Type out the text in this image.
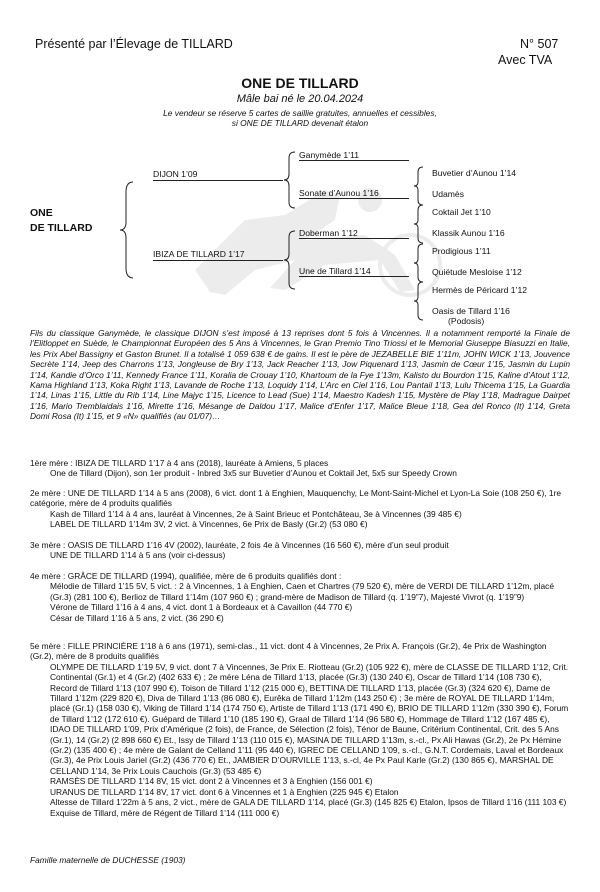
Présenté par l’Élevage de TILLARD	N° 507
Avec TVA
ONE DE TILLARD
Mâle bai né le 20.04.2024
Le vendeur se réserve 5 cartes de saillie gratuites, annuelles et cessibles,
si ONE DE TILLARD devenait étalon
ONE
DE TILLARD
DIJON 1’09
IBIZA DE TILLARD 1’17
Ganymède 1’11
Sonate d’Aunou 1’16
Doberman 1’12
Une de Tillard 1’14
Buvetier d’Aunou 1’14
Udamès
Coktail Jet 1’10
Klassik Aunou 1’16
Prodigious 1’11
Quiétude Mesloise 1’12
Hermès de Péricard 1’12
Oasis de Tillard 1’16
(Podosis)
Fils du classique Ganymède, le classique DIJON s’est imposé à 13 reprises dont 5 fois à Vincennes. Il a notamment remporté la Finale de l’Elitloppet en Suède, le Championnat Européen des 5 Ans à Vincennes, le Gran Premio Tino Triossi et le Memorial Giuseppe Biasuzzi en Italie, les Prix Abel Bassigny et Gaston Brunet. Il a totalisé 1 059 638 € de gains. Il est le père de JEZABELLE BIE 1’11m, JOHN WICK 1’13, Jouvence Secrète 1’14, Jeep des Charrons 1’13, Jongleuse de Bry 1’13, Jack Reacher 1’13, Jow Piquenard 1’13, Jasmin de Cœur 1’15, Jasmin du Lupin 1’14, Kandie d’Orco 1’11, Kennedy France 1’11, Koralia de Crouay 1’10, Khartoum de la Fye 1’13m, Kalisto du Bourdon 1’15, Kaline d’Atout 1’12, Kama Highland 1’13, Koka Right 1’13, Lavande de Roche 1’13, Loquidy 1’14, L’Arc en Ciel 1’16, Lou Pantail 1’13, Lulu Thicema 1’15, La Guardia 1’14, Linas 1’15, Little du Rib 1’14, Line Majyc 1’15, Licence to Lead (Sue) 1’14, Maestro Kadesh 1’15, Mystère de Play 1’18, Madrague Dairpet 1’16, Mario Tremblaidais 1’16, Mirette 1’16, Mésange de Daldou 1’17, Malice d’Enfer 1’17, Malice Bleue 1’18, Gea del Ronco (It) 1’14, Greta Domi Rosa (It) 1’15, et 9 «N» qualifiés (au 01/07)…
1ère mère : IBIZA DE TILLARD 1’17 à 4 ans (2018), lauréate à Amiens, 5 places
One de Tillard (Dijon), son 1er produit - Inbred 3x5 sur Buvetier d’Aunou et Coktail Jet, 5x5 sur Speedy Crown
2e mère : UNE DE TILLARD 1’14 à 5 ans (2008), 6 vict. dont 1 à Enghien, Mauquenchy, Le Mont-Saint-Michel et Lyon-La Soie (108 250 €), 1re catégorie, mère de 4 produits qualifiés
Kash de Tillard 1’14 à 4 ans, lauréat à Vincennes, 2e à Saint Brieuc et Pontchâteau, 3e à Vincennes (39 485 €)
LABEL DE TILLARD 1’14m 3V, 2 vict. à Vincennes, 6e Prix de Basly (Gr.2) (53 080 €)
3e mère : OASIS DE TILLARD 1’16 4V (2002), lauréate, 2 fois 4e à Vincennes (16 560 €), mère d’un seul produit
UNE DE TILLARD 1’14 à 5 ans (voir ci-dessus)
4e mère : GRÂCE DE TILLARD (1994), qualifiée, mère de 6 produits qualifiés dont :
Mélodie de Tillard 1’15 5V, 5 vict. : 2 à Vincennes, 1 à Enghien, Caen et Chartres (79 520 €), mère de VERDI DE TILLARD 1’12m, placé (Gr.3) (281 100 €), Berlioz de Tillard 1’14m (107 960 €) ; grand-mère de Madison de Tillard (q. 1’19”7), Majesté Vivrot (q. 1’19”9)
Vérone de Tillard 1’16 à 4 ans, 4 vict. dont 1 à Bordeaux et à Cavaillon (44 770 €)
César de Tillard 1’16 à 5 ans, 2 vict. (36 290 €)
5e mère : FILLE PRINCIÈRE 1’18 à 6 ans (1971), semi-clas., 11 vict. dont 4 à Vincennes, 2e Prix A. François (Gr.2), 4e Prix de Washington (Gr.2), mère de 8 produits qualifiés
OLYMPE DE TILLARD 1’19 5V, 9 vict. dont 7 à Vincennes, 3e Prix E. Riotteau (Gr.2) (105 922 €), mère de CLASSE DE TILLARD 1’12, Crit. Continental (Gr.1) et 4 (Gr.2) (402 633 €) ; 2e mère Léna de Tillard 1’13, placée (Gr.3) (130 240 €), Oscar de Tillard 1’14 (108 730 €), Record de Tillard 1’13 (107 990 €), Toison de Tillard 1’12 (215 000 €), BETTINA DE TILLARD 1’13, placée (Gr.3) (324 620 €), Dame de Tillard 1’12m (229 820 €), Diva de Tillard 1’13 (86 080 €), Eurêka de Tillard 1’12m (143 250 €) ; 3e mère de ROYAL DE TILLARD 1’14m, placé (Gr.1) (158 030 €), Viking de Tillard 1’14 (174 750 €), Artiste de Tillard 1’13 (171 490 €), BRIO DE TILLARD 1’12m (330 390 €), Forum de Tillard 1’12 (172 610 €). Guépard de Tillard 1’10 (185 190 €), Graal de Tillard 1’14 (96 580 €), Hommage de Tillard 1’12 (167 485 €), IDAO DE TILLARD 1’09, Prix d’Amérique (2 fois), de France, de Sélection (2 fois), Ténor de Baune, Critérium Continental, Crit. des 5 Ans (Gr.1), 14 (Gr.2) (2 898 660 €) Et., Issy de Tillard 1’13 (110 015 €), MASINA DE TILLARD 1’13m, s.-cl., Px Ali Hawas (Gr.2), 2e Px Hémine (Gr.2) (135 400 €) ; 4e mère de Galant de Celland 1’11 (95 440 €), IGREC DE CELLAND 1’09, s.-cl., G.N.T. Cordemais, Laval et Bordeaux (Gr.3), 4e Prix Louis Jariel (Gr.2) (436 770 €) Et., JAMBIER D’OURVILLE 1’13, s.-cl, 4e Px Paul Karle (Gr.2) (130 865 €), MARSHAL DE CELLAND 1’14, 3e Prix Louis Cauchois (Gr.3) (53 485 €)
RAMSÈS DE TILLARD 1’14 8V, 15 vict. dont 2 à Vincennes et 3 à Enghien (156 001 €)
URANUS DE TILLARD 1’14 8V, 17 vict. dont 6 à Vincennes et 1 à Enghien (225 945 €) Etalon
Altesse de Tillard 1’22m à 5 ans, 2 vict., mère de GALA DE TILLARD 1’14, placé (Gr.3) (145 825 €) Etalon, Ipsos de Tillard 1’16 (111 103 €)
Exquise de Tillard, mère de Régent de Tillard 1’14 (111 000 €)
Famille maternelle de DUCHESSE (1903)
